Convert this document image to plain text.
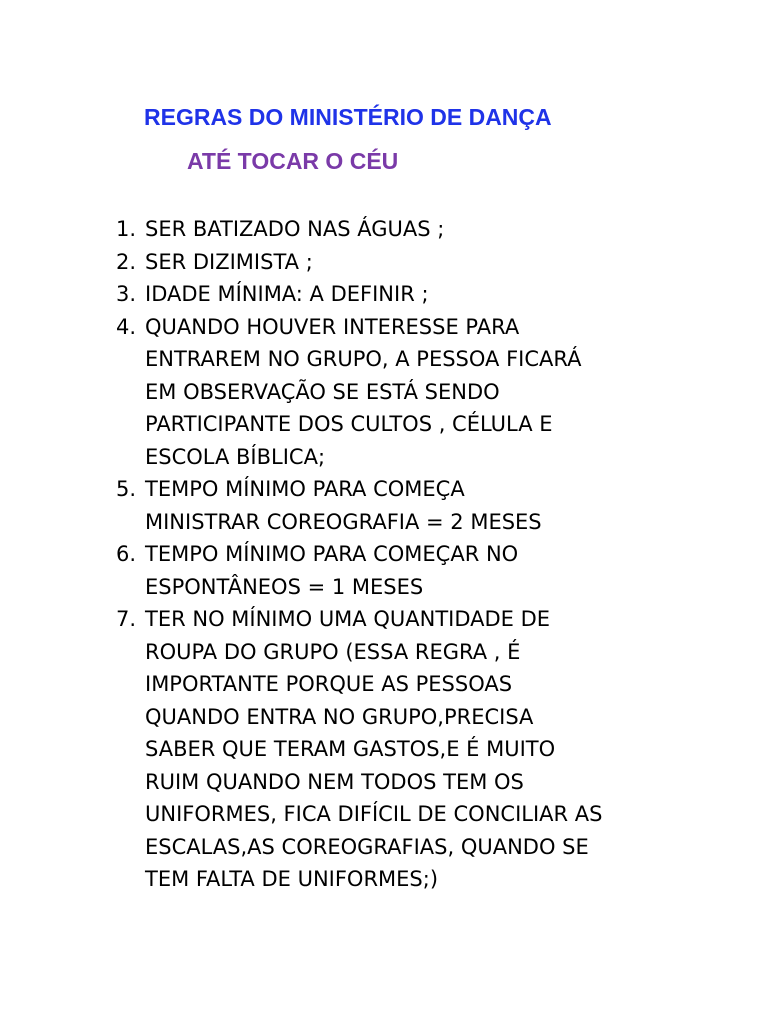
REGRAS DO MINISTÉRIO DE DANÇA
ATÉ TOCAR O CÉU
1. SER BATIZADO NAS ÁGUAS ;
2. SER DIZIMISTA ;
3. IDADE MÍNIMA: A DEFINIR ;
4. QUANDO HOUVER INTERESSE PARA
ENTRAREM NO GRUPO, A PESSOA FICARÁ
EM OBSERVAÇÃO SE ESTÁ SENDO
PARTICIPANTE DOS CULTOS , CÉLULA E
ESCOLA BÍBLICA;
5. TEMPO MÍNIMO PARA COMEÇA
MINISTRAR COREOGRAFIA = 2 MESES
6. TEMPO MÍNIMO PARA COMEÇAR NO
ESPONTÂNEOS = 1 MESES
7. TER NO MÍNIMO UMA QUANTIDADE DE
ROUPA DO GRUPO (ESSA REGRA , É
IMPORTANTE PORQUE AS PESSOAS
QUANDO ENTRA NO GRUPO,PRECISA
SABER QUE TERAM GASTOS,E É MUITO
RUIM QUANDO NEM TODOS TEM OS
UNIFORMES, FICA DIFÍCIL DE CONCILIAR AS
ESCALAS,AS COREOGRAFIAS, QUANDO SE
TEM FALTA DE UNIFORMES;)
